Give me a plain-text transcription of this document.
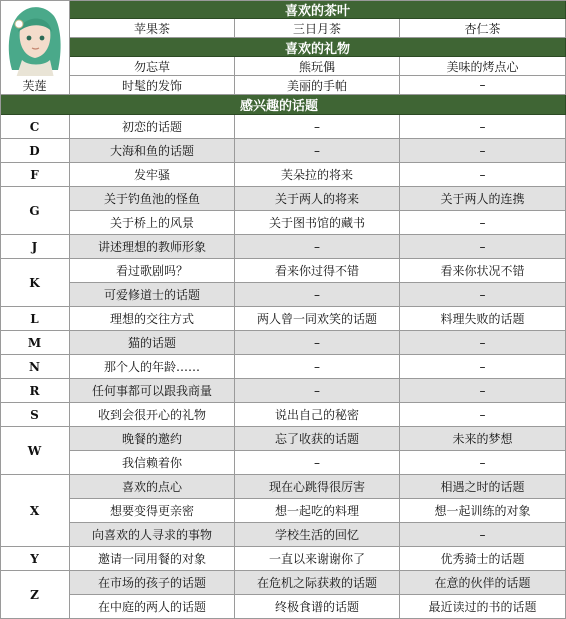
芙莲
喜欢的茶叶
苹果茶	三日月茶	杏仁茶
喜欢的礼物
勿忘草	熊玩偶	美味的烤点心
时髦的发饰	美丽的手帕	–
感兴趣的话题
C	初恋的话题	–	–
D	大海和鱼的话题	–	–
F	发牢骚	芙朵拉的将来	–
G
关于钓鱼池的怪鱼	关于两人的将来	关于两人的连携
关于桥上的风景	关于图书馆的藏书	–
J	讲述理想的教师形象	–	–
K
看过歌剧吗？	看来你过得不错	看来你状况不错
可爱修道士的话题	–	–
L	理想的交往方式	两人曾一同欢笑的话题	料理失败的话题
M	猫的话题	–	–
N	那个人的年龄……	–	–
R	任何事都可以跟我商量	–	–
S	收到会很开心的礼物	说出自己的秘密	–
W
晚餐的邀约	忘了收获的话题	未来的梦想
我信赖着你	–	–
X
喜欢的点心	现在心跳得很厉害	相遇之时的话题
想要变得更亲密	想一起吃的料理	想一起训练的对象
向喜欢的人寻求的事物	学校生活的回忆	–
Y	邀请一同用餐的对象	一直以来谢谢你了	优秀骑士的话题
Z
在市场的孩子的话题	在危机之际获救的话题	在意的伙伴的话题
在中庭的两人的话题	终极食谱的话题	最近读过的书的话题
